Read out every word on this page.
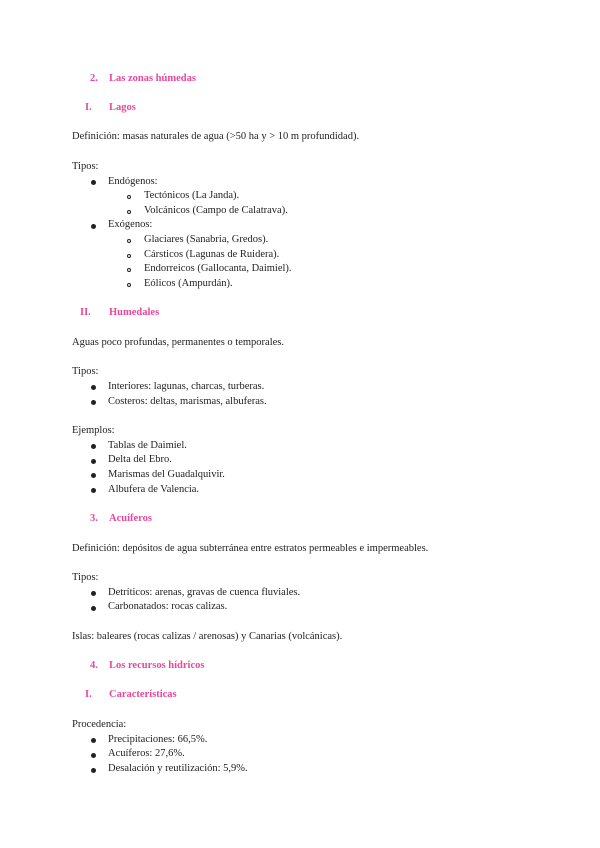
2. Las zonas húmedas
I. Lagos
Definición: masas naturales de agua (>50 ha y > 10 m profundidad).
Tipos:
Endógenos:
Tectónicos (La Janda).
Volcánicos (Campo de Calatrava).
Exógenos:
Glaciares (Sanabria, Gredos).
Cársticos (Lagunas de Ruidera).
Endorreicos (Gallocanta, Daimiel).
Eólicos (Ampurdán).
II. Humedales
Aguas poco profundas, permanentes o temporales.
Tipos:
Interiores: lagunas, charcas, turberas.
Costeros: deltas, marismas, albuferas.
Ejemplos:
Tablas de Daimiel.
Delta del Ebro.
Marismas del Guadalquivir.
Albufera de Valencia.
3. Acuíferos
Definición: depósitos de agua subterránea entre estratos permeables e impermeables.
Tipos:
Detríticos: arenas, gravas de cuenca fluviales.
Carbonatados: rocas calizas.
Islas: baleares (rocas calizas / arenosas) y Canarias (volcánicas).
4. Los recursos hídricos
I. Características
Procedencia:
Precipitaciones: 66,5%.
Acuíferos: 27,6%.
Desalación y reutilización: 5,9%.
